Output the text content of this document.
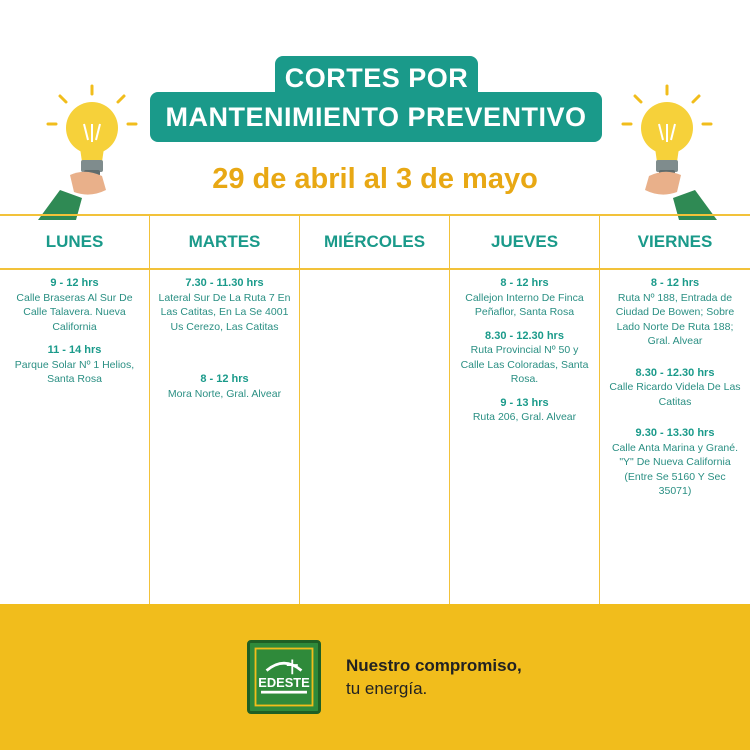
CORTES POR
MANTENIMIENTO PREVENTIVO
29 de abril al 3 de mayo
LUNES
9 - 12 hrs
Calle Braseras Al Sur De Calle Talavera. Nueva California
11 - 14 hrs
Parque Solar Nº 1 Helios, Santa Rosa
MARTES
7.30 - 11.30 hrs
Lateral Sur De La Ruta 7 En Las Catitas, En La Se 4001 Us Cerezo, Las Catitas
8 - 12 hrs
Mora Norte, Gral. Alvear
MIÉRCOLES	JUEVES
8 - 12 hrs
Callejon Interno De Finca Peñaflor, Santa Rosa
8.30 - 12.30 hrs
Ruta Provincial Nº 50 y Calle Las Coloradas, Santa Rosa.
9 - 13 hrs
Ruta 206, Gral. Alvear
VIERNES
8 - 12 hrs
Ruta Nº 188, Entrada de Ciudad De Bowen; Sobre Lado Norte De Ruta 188; Gral. Alvear
8.30 - 12.30 hrs
Calle Ricardo Videla De Las Catitas
9.30 - 13.30 hrs
Calle Anta Marina y Grané. "Y" De Nueva California (Entre Se 5160 Y Sec 35071)
EDESTE
Nuestro compromiso,
tu energía.
